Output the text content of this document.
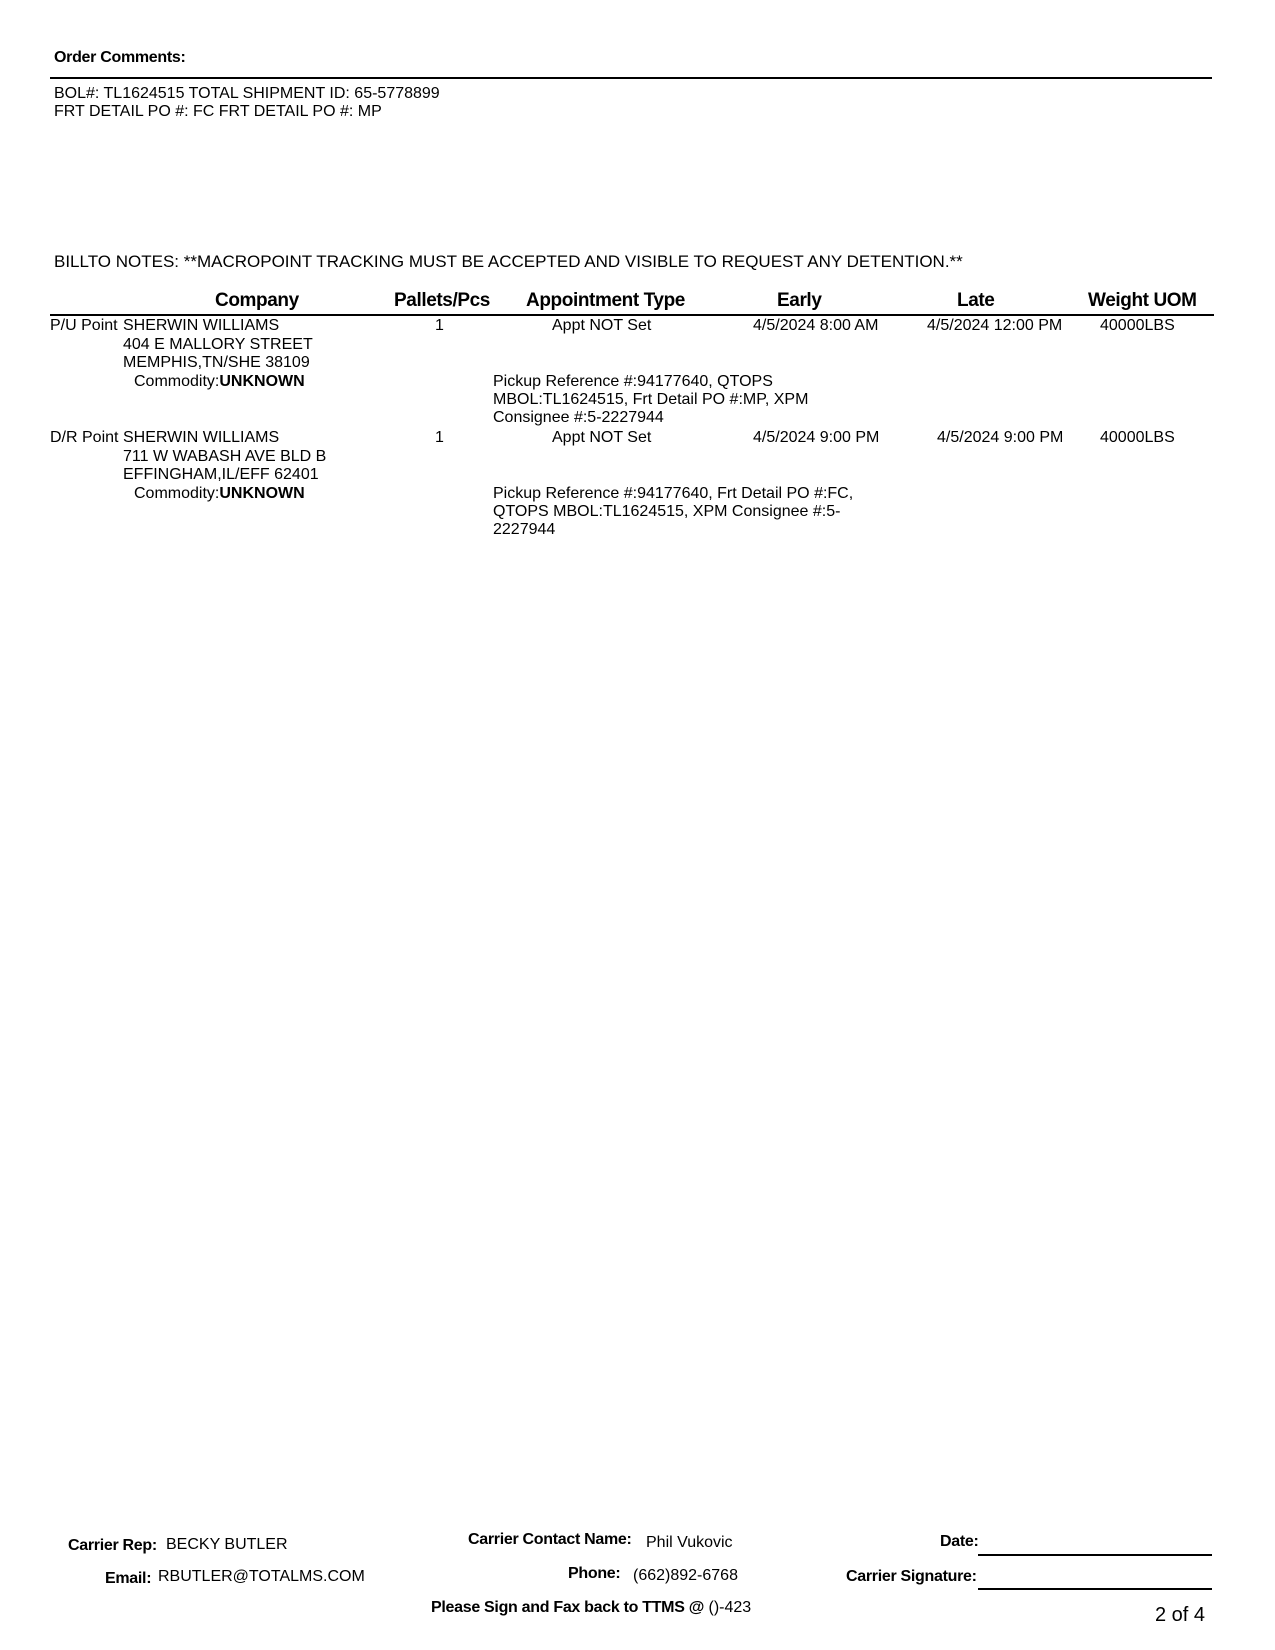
Order Comments:
BOL#: TL1624515 TOTAL SHIPMENT ID: 65-5778899
FRT DETAIL PO #: FC FRT DETAIL PO #: MP
BILLTO NOTES: **MACROPOINT TRACKING MUST BE ACCEPTED AND VISIBLE TO REQUEST ANY DETENTION.**
Company	Pallets/Pcs Appointment Type	Early	Late	Weight UOM
P/U Point SHERWIN WILLIAMS
404 E MALLORY STREET
MEMPHIS,TN/SHE 38109
Commodity:UNKNOWN
1	Appt NOT Set	4/5/2024 8:00 AM	4/5/2024 12:00 PM 40000LBS
Pickup Reference #:94177640, QTOPS MBOL:TL1624515, Frt Detail PO #:MP, XPM Consignee #:5-2227944
D/R Point SHERWIN WILLIAMS
711 W WABASH AVE BLD B
EFFINGHAM,IL/EFF 62401
Commodity:UNKNOWN
1	Appt NOT Set	4/5/2024 9:00 PM	4/5/2024 9:00 PM 40000LBS
Pickup Reference #:94177640, Frt Detail PO #:FC, QTOPS MBOL:TL1624515, XPM Consignee #:5-2227944
Carrier Rep: BECKY BUTLER
Email: RBUTLER@TOTALMS.COM
Carrier Contact Name: Phil Vukovic
Phone: (662)892-6768
Please Sign and Fax back to TTMS @ ()-423
Date:
Carrier Signature:
2 of 4
